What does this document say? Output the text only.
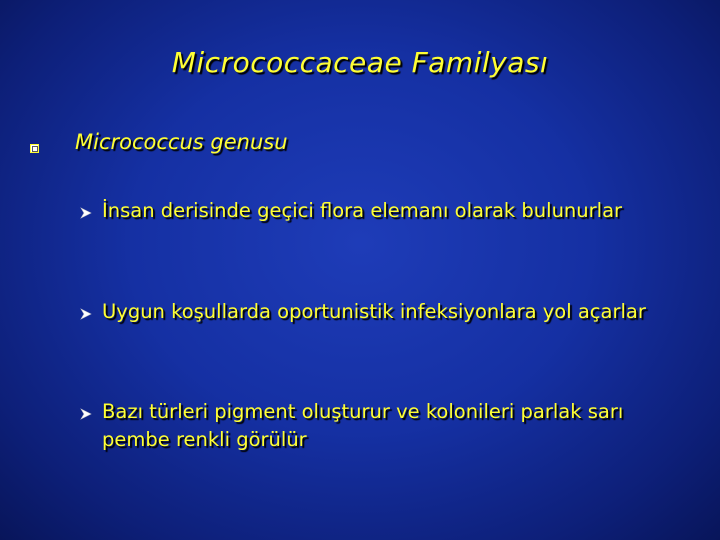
Micrococcaceae Familyası
Micrococcus genusu
İnsan derisinde geçici flora elemanı olarak bulunurlar
Uygun koşullarda oportunistik infeksiyonlara yol açarlar
Bazı türleri pigment oluşturur ve kolonileri parlak sarı pembe renkli görülür
